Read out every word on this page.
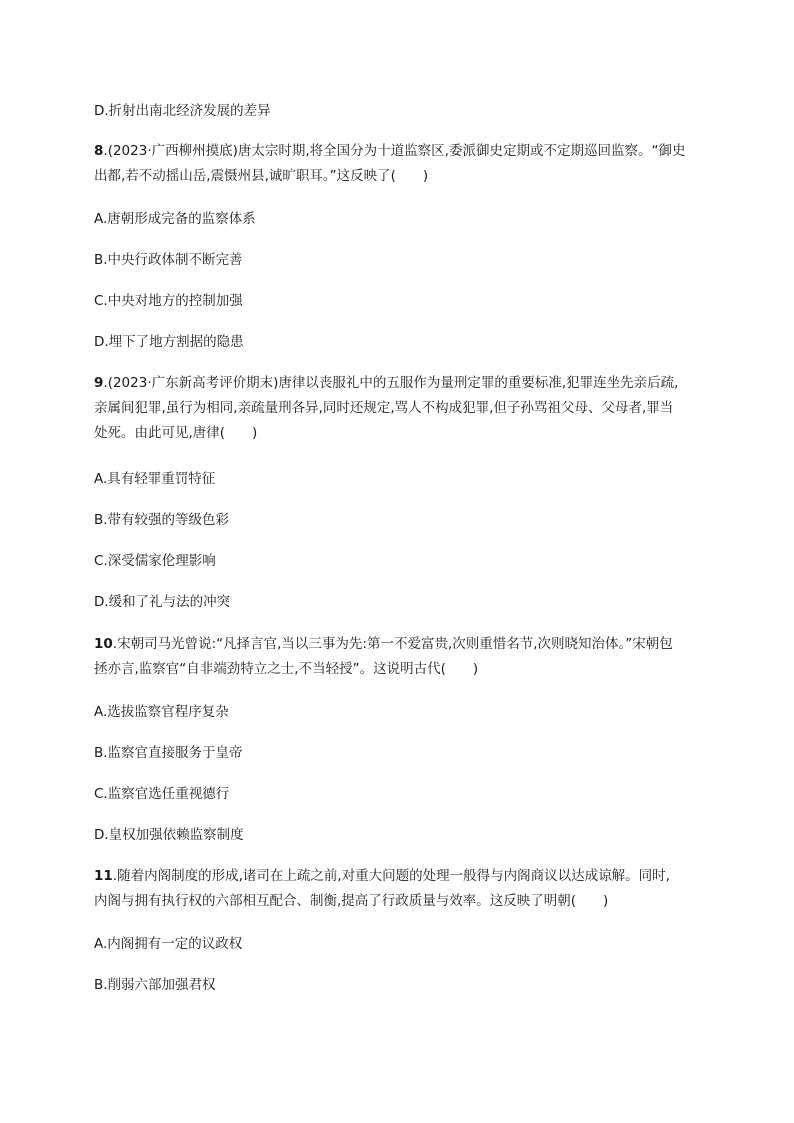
D.折射出南北经济发展的差异
8.(2023·广西柳州摸底)唐太宗时期,将全国分为十道监察区,委派御史定期或不定期巡回监察。“御史
出都,若不动摇山岳,震慑州县,诚旷职耳。”这反映了(　　)
A.唐朝形成完备的监察体系
B.中央行政体制不断完善
C.中央对地方的控制加强
D.埋下了地方割据的隐患
9.(2023·广东新高考评价期末)唐律以丧服礼中的五服作为量刑定罪的重要标准,犯罪连坐先亲后疏,
亲属间犯罪,虽行为相同,亲疏量刑各异,同时还规定,骂人不构成犯罪,但子孙骂祖父母、父母者,罪当
处死。由此可见,唐律(　　)
A.具有轻罪重罚特征
B.带有较强的等级色彩
C.深受儒家伦理影响
D.缓和了礼与法的冲突
10.宋朝司马光曾说:“凡择言官,当以三事为先:第一不爱富贵,次则重惜名节,次则晓知治体。”宋朝包
拯亦言,监察官“自非端劲特立之士,不当轻授”。这说明古代(　　)
A.选拔监察官程序复杂
B.监察官直接服务于皇帝
C.监察官选任重视德行
D.皇权加强依赖监察制度
11.随着内阁制度的形成,诸司在上疏之前,对重大问题的处理一般得与内阁商议以达成谅解。同时,
内阁与拥有执行权的六部相互配合、制衡,提高了行政质量与效率。这反映了明朝(　　)
A.内阁拥有一定的议政权
B.削弱六部加强君权
